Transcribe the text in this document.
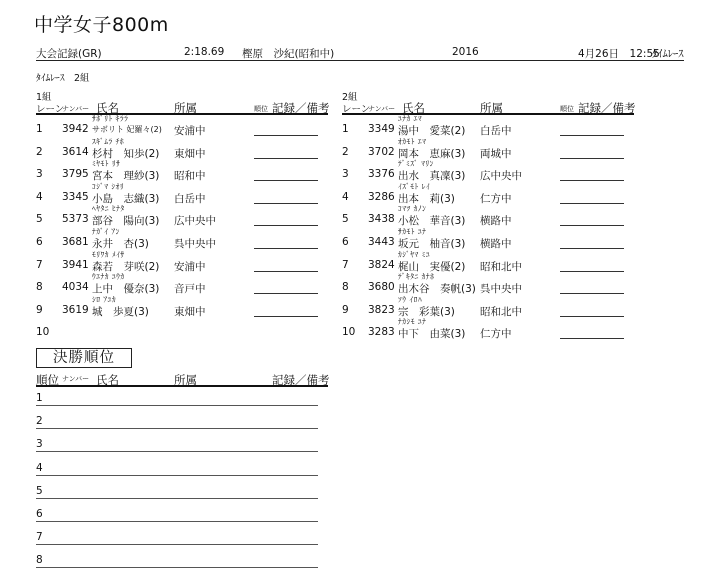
中学女子800m
大会記録(GR)	2:18.69 樫原　沙紀(昭和中)	2016	4月26日　12:55
ﾀｲﾑﾚｰｽ
ﾀｲﾑﾚｰｽ　2組
1組
レーン
ナンバー 氏名	所属	順位 記録／備考
ｻﾎﾞﾘﾄ ｷﾗﾗ
1 3942 サボリト 妃羅々(2) 安浦中
ｽｷﾞﾑﾗ ﾁﾎ
2 3614 杉村　知歩(2) 東畑中
ﾐﾔﾓﾄ ﾘｻ
3 3795 宮本　理紗(3) 昭和中
ｺｼﾞﾏ ｼｵﾘ
4 3345 小島　志織(3) 白岳中
ﾍﾔﾀﾆ ﾋﾅﾀ
5 5373 部谷　陽向(3) 広中央中
ﾅｶﾞｲ ｱﾝ
6 3681 永井　杏(3) 呉中央中
ﾓﾘﾜｶ ﾒｲｻ
7 3941 森若　芽咲(2) 安浦中
ｳｴﾅｶ ﾕｳｶ
8 4034 上中　優奈(3) 音戸中
ｼﾛ ｱﾕｶ
9 3619 城　歩夏(3) 東畑中
10
2組
レーン
ナンバー 氏名	所属	順位 記録／備考
ﾕﾅｶ ｴﾏ
1 3349 湯中　愛菜(2) 白岳中
ｵｶﾓﾄ ｴﾏ
2 3702 岡本　恵麻(3) 両城中
ﾃﾞﾐｽﾞ ﾏﾘﾝ
3 3376 出水　真凜(3) 広中央中
ｲｽﾞﾓﾄ ﾚｲ
4 3286 出本　莉(3) 仁方中
ｺﾏﾂ ｶﾉﾝ
5 3438 小松　華音(3) 横路中
ｻｶﾓﾄ ﾕﾅ
6 3443 坂元　柚音(3) 横路中
ｶｼﾞﾔﾏ ﾐﾕ
7 3824 梶山　実優(2) 昭和北中
ﾃﾞｷﾀﾆ ｶﾅﾎ
8 3680 出木谷　奏帆(3) 呉中央中
ｿｳ ｲﾛﾊ
9 3823 宗　彩葉(3) 昭和北中
ﾅｶｼﾓ ﾕﾅ
10 3283 中下　由菜(3) 仁方中
決勝順位
順位 ナンバー 氏名	所属	記録／備考
1
2
3
4
5
6
7
8
